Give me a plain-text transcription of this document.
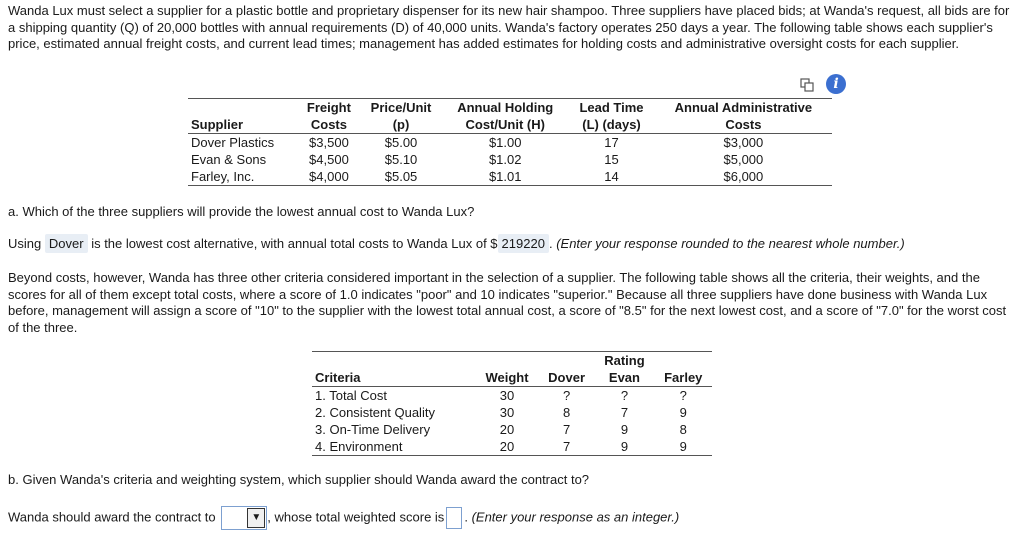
Wanda Lux must select a supplier for a plastic bottle and proprietary dispenser for its new hair shampoo. Three suppliers have placed bids; at Wanda's request, all bids are for a shipping quantity (Q) of 20,000 bottles with annual requirements (D) of 40,000 units. Wanda's factory operates 250 days a year. The following table shows each supplier's price, estimated annual freight costs, and current lead times; management has added estimates for holding costs and administrative oversight costs for each supplier.

i
	Freight	Price/Unit	Annual Holding	Lead Time	Annual Administrative
Supplier	Costs	(p)	Cost/Unit (H)	(L) (days)	Costs
Dover Plastics	$3,500	$5.00	$1.00	17	$3,000
Evan & Sons	$4,500	$5.10	$1.02	15	$5,000
Farley, Inc.	$4,000	$5.05	$1.01	14	$6,000

a. Which of the three suppliers will provide the lowest annual cost to Wanda Lux?

Using Dover is the lowest cost alternative, with annual total costs to Wanda Lux of $ 219220 . (Enter your response rounded to the nearest whole number.)

Beyond costs, however, Wanda has three other criteria considered important in the selection of a supplier. The following table shows all the criteria, their weights, and the scores for all of them except total costs, where a score of 1.0 indicates "poor" and 10 indicates "superior." Because all three suppliers have done business with Wanda Lux before, management will assign a score of "10" to the supplier with the lowest total annual cost, a score of "8.5" for the next lowest cost, and a score of "7.0" for the worst cost of the three.

			Rating	
Criteria	Weight	Dover	Evan	Farley
1. Total Cost	30	?	?	?
2. Consistent Quality	30	8	7	9
3. On-Time Delivery	20	7	9	8
4. Environment	20	7	9	9

b. Given Wanda's criteria and weighting system, which supplier should Wanda award the contract to?

Wanda should award the contract to	▼ , whose total weighted score is . (Enter your response as an integer.)
